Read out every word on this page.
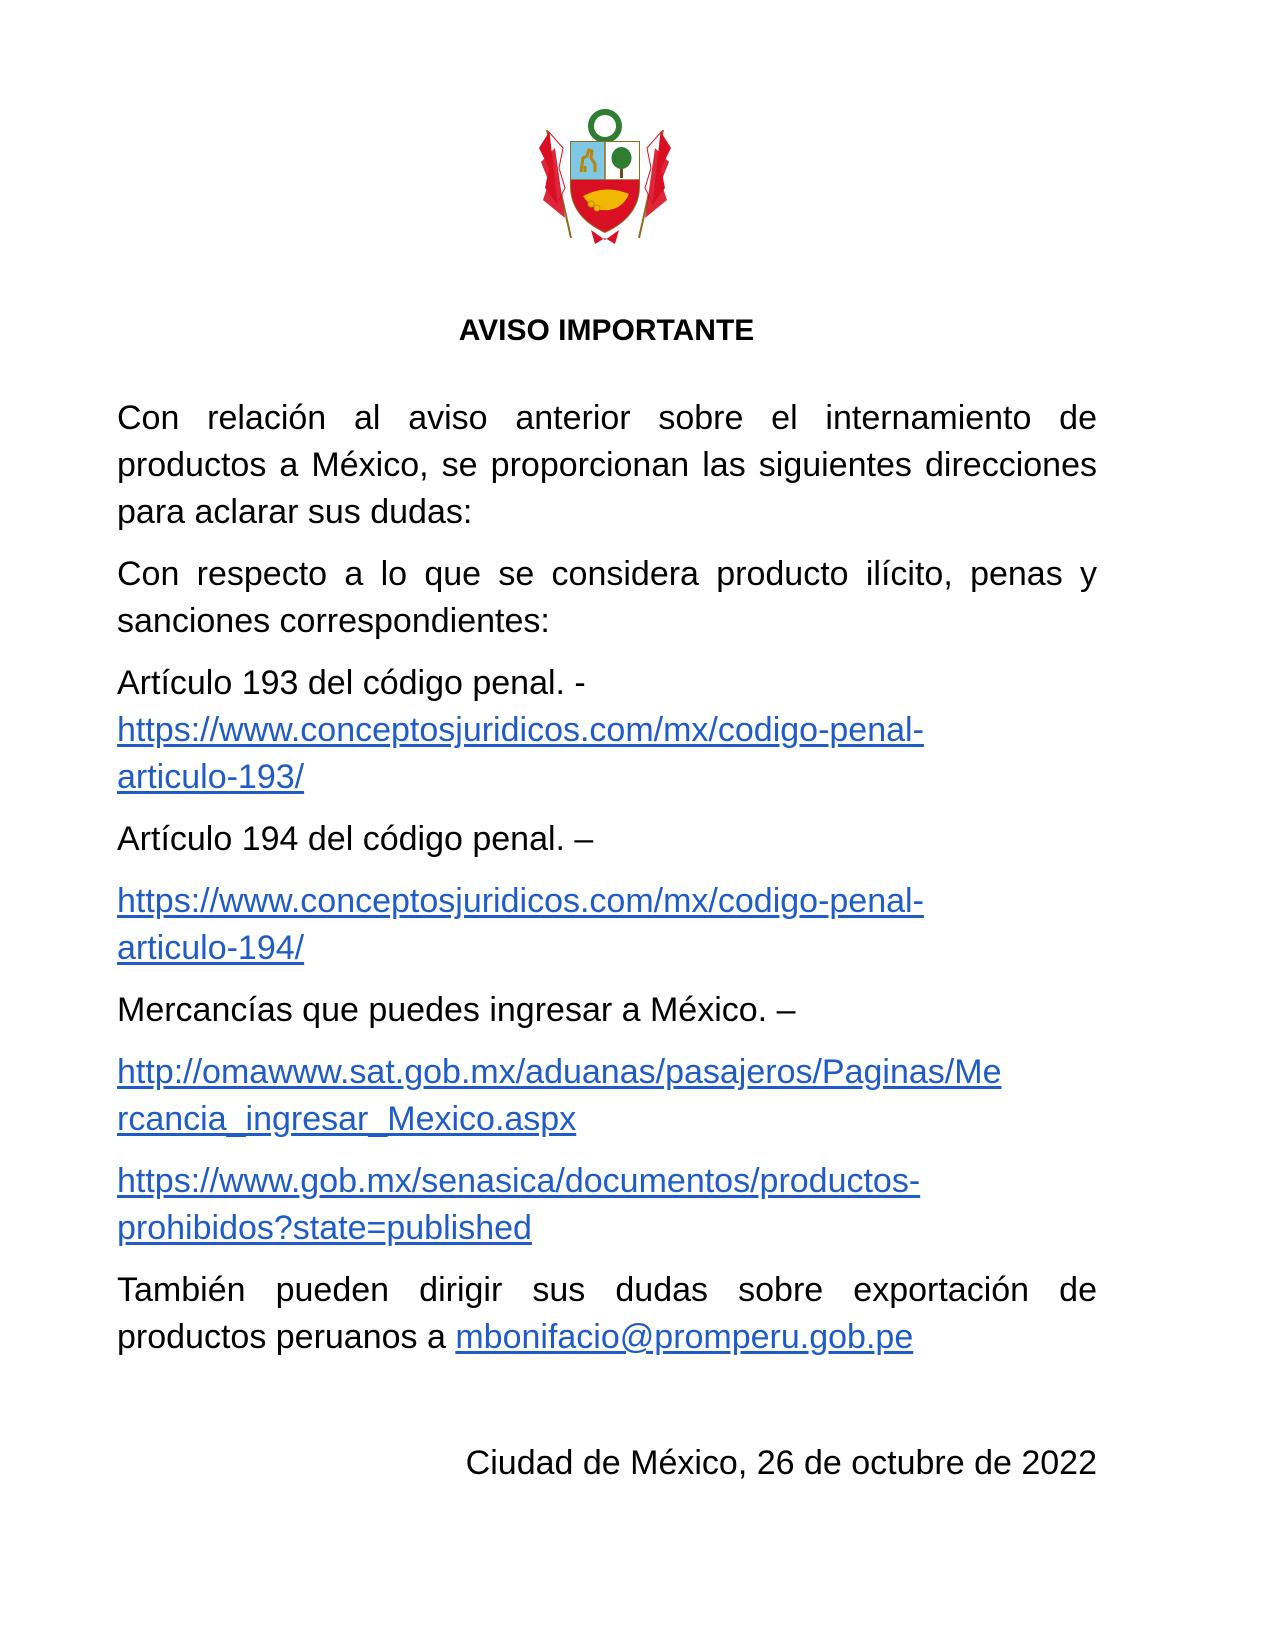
AVISO IMPORTANTE

Con relación al aviso anterior sobre el internamiento de productos a México, se proporcionan las siguientes direcciones para aclarar sus dudas:

Con respecto a lo que se considera producto ilícito, penas y sanciones correspondientes:

Artículo 193 del código penal. -
https://www.conceptosjuridicos.com/mx/codigo-penal-
articulo-193/

Artículo 194 del código penal. –

https://www.conceptosjuridicos.com/mx/codigo-penal-
articulo-194/

Mercancías que puedes ingresar a México. –

http://omawww.sat.gob.mx/aduanas/pasajeros/Paginas/Me
rcancia_ingresar_Mexico.aspx

https://www.gob.mx/senasica/documentos/productos-
prohibidos?state=published

También pueden dirigir sus dudas sobre exportación de productos peruanos a mbonifacio@promperu.gob.pe

Ciudad de México, 26 de octubre de 2022
